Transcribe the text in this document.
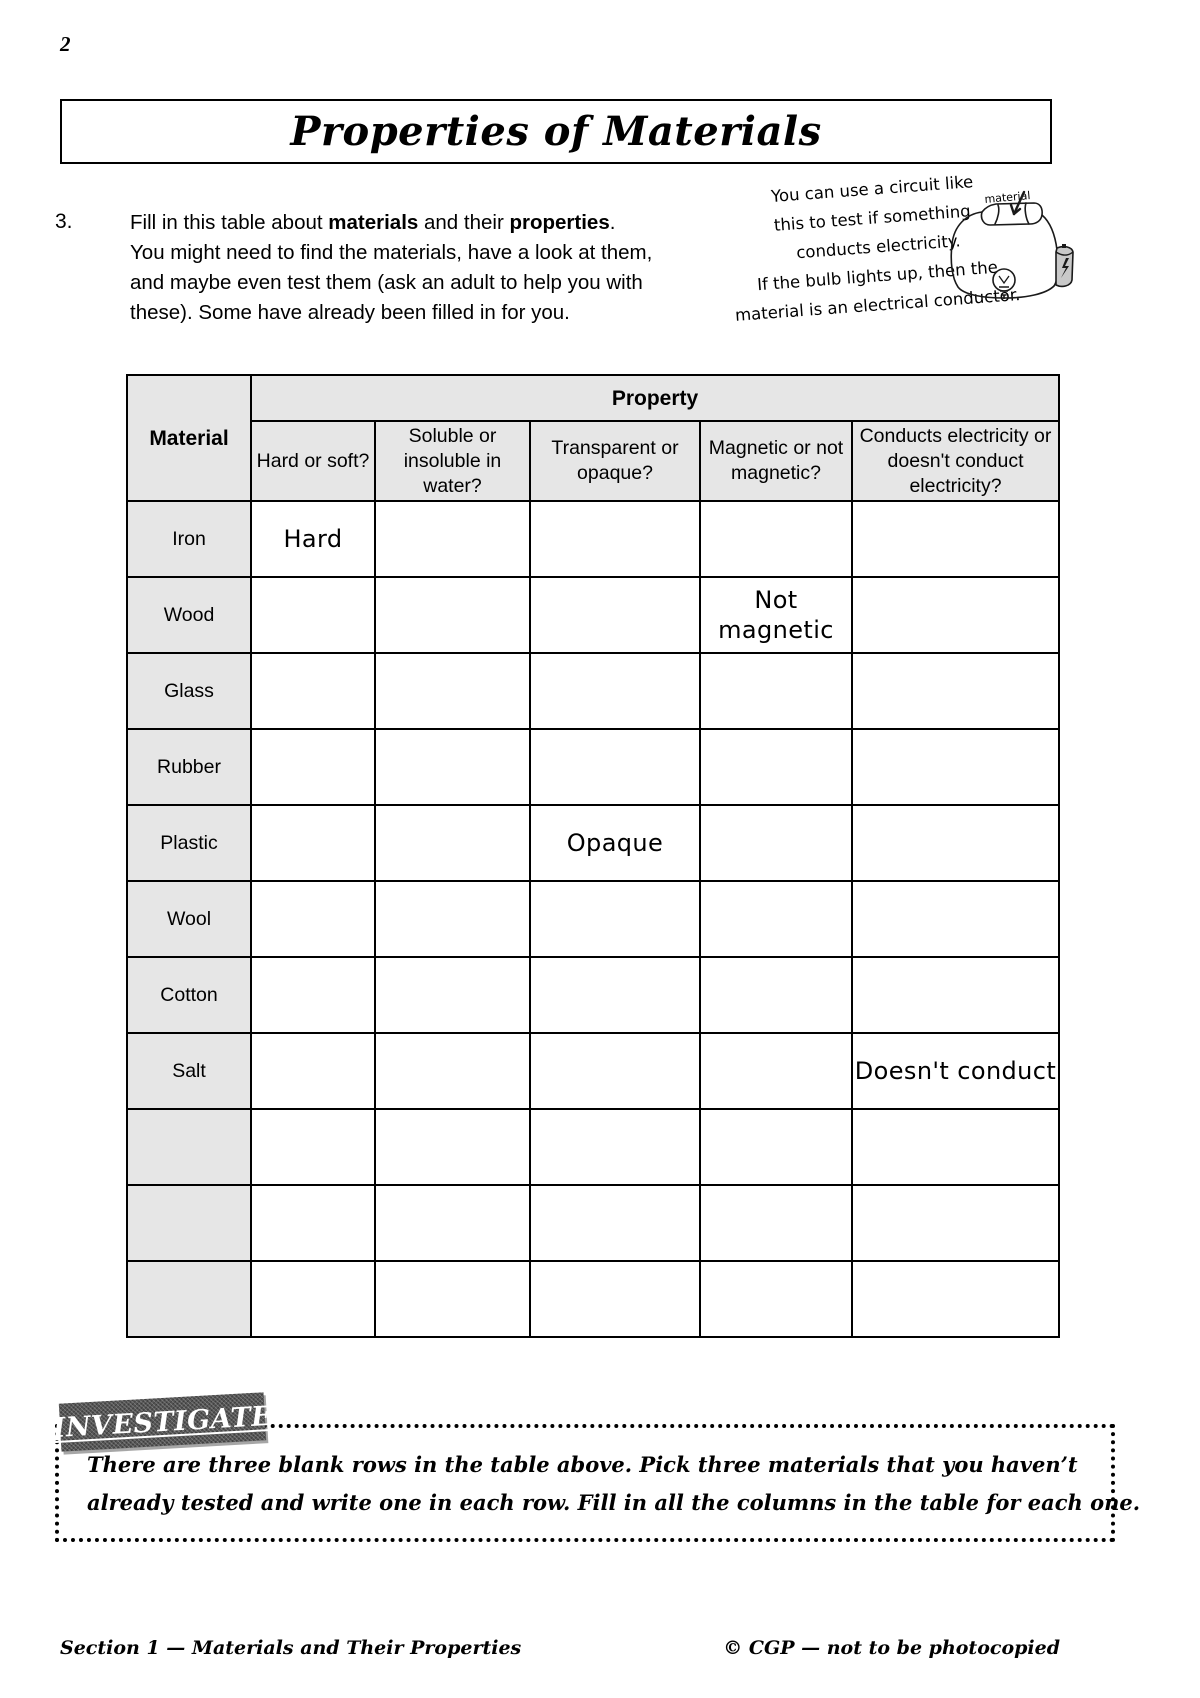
2
Properties of Materials
3.	Fill in this table about materials and their properties.
You might need to find the materials, have a look at them,
and maybe even test them (ask an adult to help you with
these). Some have already been filled in for you.
You can use a circuit like
this to test if something
conducts electricity.
If the bulb lights up, then the
material is an electrical conductor.
material
Material	Property				
	Hard or soft?	Soluble or insoluble in water?	Transparent or opaque?	Magnetic or not magnetic?	Conducts electricity or doesn't conduct electricity?
Iron	Hard				
Wood				Not magnetic	
Glass					
Rubber					
Plastic			Opaque		
Wool					
Cotton					
Salt					Doesn't conduct

INVESTIGATE
There are three blank rows in the table above. Pick three materials that you haven’t
already tested and write one in each row. Fill in all the columns in the table for each one.
Section 1 — Materials and Their Properties	© CGP — not to be photocopied
